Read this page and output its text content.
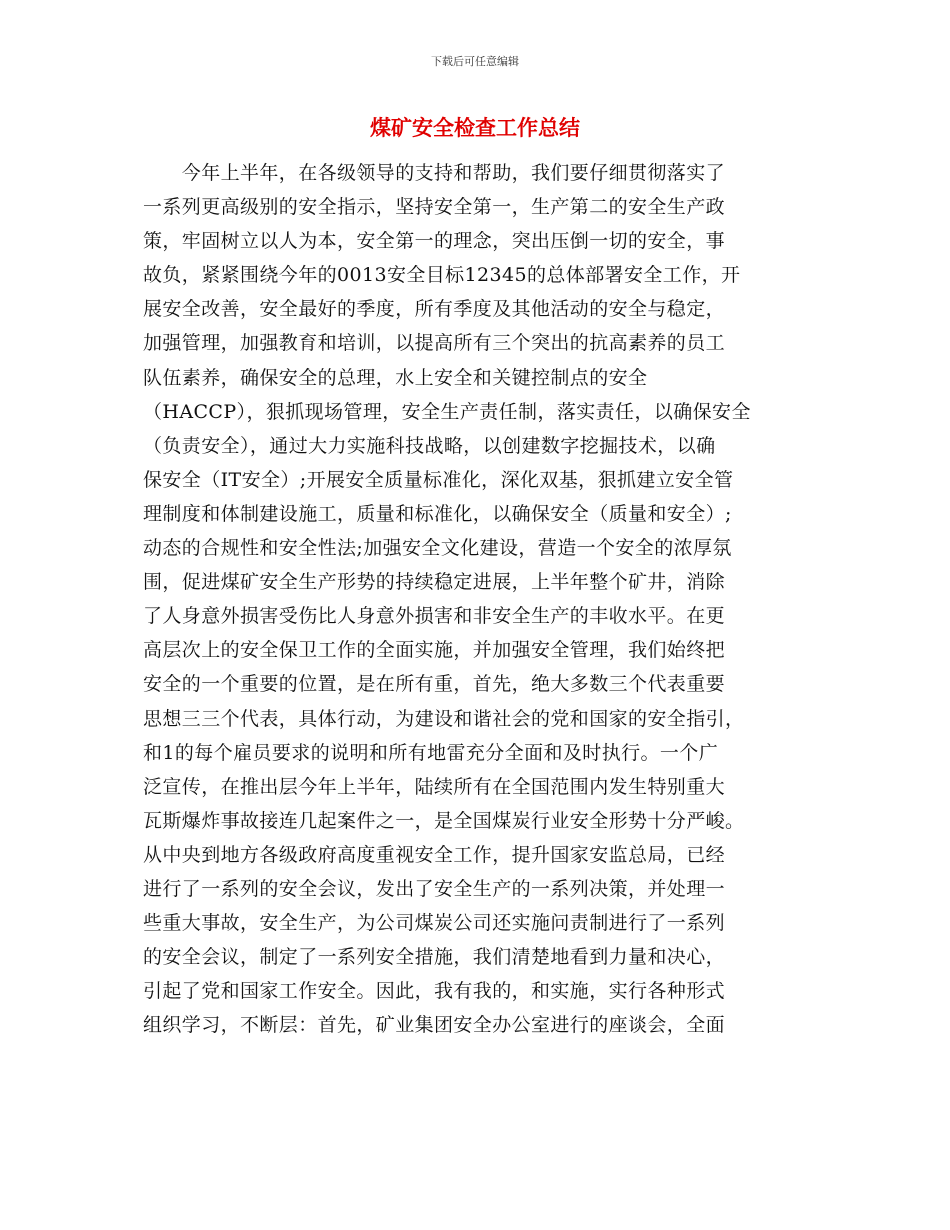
下载后可任意编辑
煤矿安全检查工作总结

　　今年上半年，在各级领导的支持和帮助，我们要仔细贯彻落实了
一系列更高级别的安全指示，坚持安全第一，生产第二的安全生产政
策，牢固树立以人为本，安全第一的理念，突出压倒一切的安全，事
故负，紧紧围绕今年的0013安全目标12345的总体部署安全工作，开
展安全改善，安全最好的季度，所有季度及其他活动的安全与稳定，
加强管理，加强教育和培训，以提高所有三个突出的抗高素养的员工
队伍素养，确保安全的总理，水上安全和关键控制点的安全
（HACCP），狠抓现场管理，安全生产责任制，落实责任，以确保安全
（负责安全），通过大力实施科技战略，以创建数字挖掘技术，以确
保安全（IT安全）;开展安全质量标准化，深化双基，狠抓建立安全管
理制度和体制建设施工，质量和标准化，以确保安全（质量和安全）;
动态的合规性和安全性法;加强安全文化建设，营造一个安全的浓厚氛
围，促进煤矿安全生产形势的持续稳定进展，上半年整个矿井，消除
了人身意外损害受伤比人身意外损害和非安全生产的丰收水平。在更
高层次上的安全保卫工作的全面实施，并加强安全管理，我们始终把
安全的一个重要的位置，是在所有重，首先，绝大多数三个代表重要
思想三三个代表，具体行动，为建设和谐社会的党和国家的安全指引，
和1的每个雇员要求的说明和所有地雷充分全面和及时执行。一个广
泛宣传，在推出层今年上半年，陆续所有在全国范围内发生特别重大
瓦斯爆炸事故接连几起案件之一，是全国煤炭行业安全形势十分严峻。
从中央到地方各级政府高度重视安全工作，提升国家安监总局，已经
进行了一系列的安全会议，发出了安全生产的一系列决策，并处理一
些重大事故，安全生产，为公司煤炭公司还实施问责制进行了一系列
的安全会议，制定了一系列安全措施，我们清楚地看到力量和决心，
引起了党和国家工作安全。因此，我有我的，和实施，实行各种形式
组织学习，不断层：首先，矿业集团安全办公室进行的座谈会，全面
